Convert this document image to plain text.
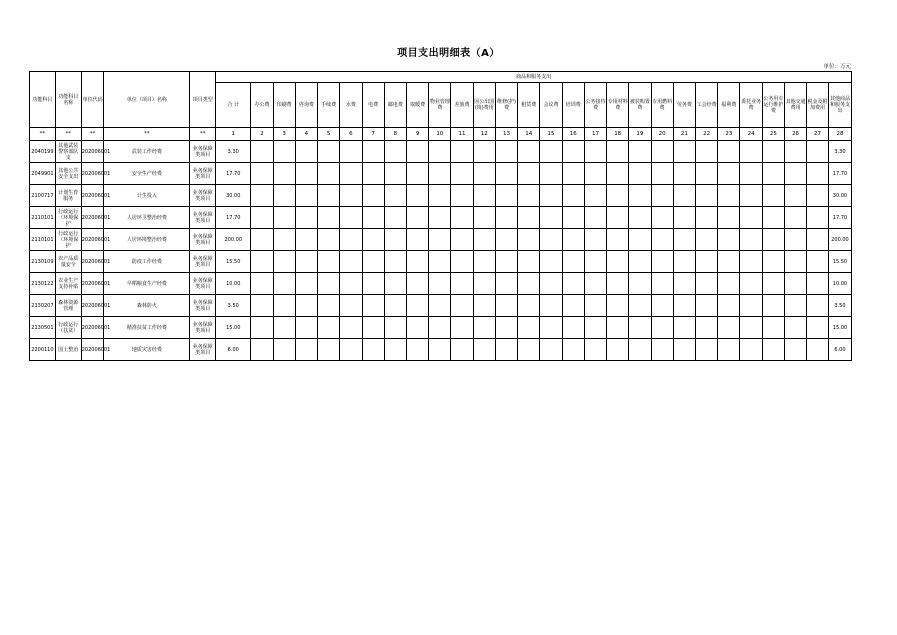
项目支出明细表（A）
单位：万元
功能科目	功能科目名称	单位代码	单位（项目）名称	项目类型	商品和服务支出																											
					合 计	办公费	印刷费	咨询费	手续费	水费	电费	邮电费	取暖费	物业管理费	差旅费	因公出国(境)费用	维修(护)费	租赁费	会议费	培训费	公务接待费	专用材料费	被装购置费	专用燃料费	劳务费	工会经费	福利费	委托业务费	公务用车运行维护费	其他交通费用	税金及附加费用	其他商品和服务支出
**	**	**	**	**	1	2	3	4	5	6	7	8	9	10	11	12	13	14	15	16	17	18	19	20	21	22	23	24	25	26	27	28
2040199	其他武装警察部队支	202006001	武装工作经费	业务保障类项目	3.30																											3.30
2049901	其他公共安全支出	202006001	安全生产经费	业务保障类项目	17.70																											17.70
2100717	计划生育服务	202006001	计生投入	业务保障类项目	30.00																											30.00
2110101	行政运行（环境保护	202006001	人居环卫整治经费	业务保障类项目	17.70																											17.70
2110101	行政运行（环境保护	202006001	人居环境整治经费	业务保障类项目	200.00																											200.00
2130109	农产品质量安全	202006001	防疫工作经费	业务保障类项目	15.50																											15.50
2130122	农业生产支持补贴	202006001	早稻粮食生产经费	业务保障类项目	10.00																											10.00
2130207	森林资源管理	202006001	森林防火	业务保障类项目	3.50																											3.50
2130501	行政运行（扶贫）	202006001	精准扶贫工作经费	业务保障类项目	15.00																											15.00
2200110	国土整治	202006001	地质灾害经费	业务保障类项目	6.00																											6.00
